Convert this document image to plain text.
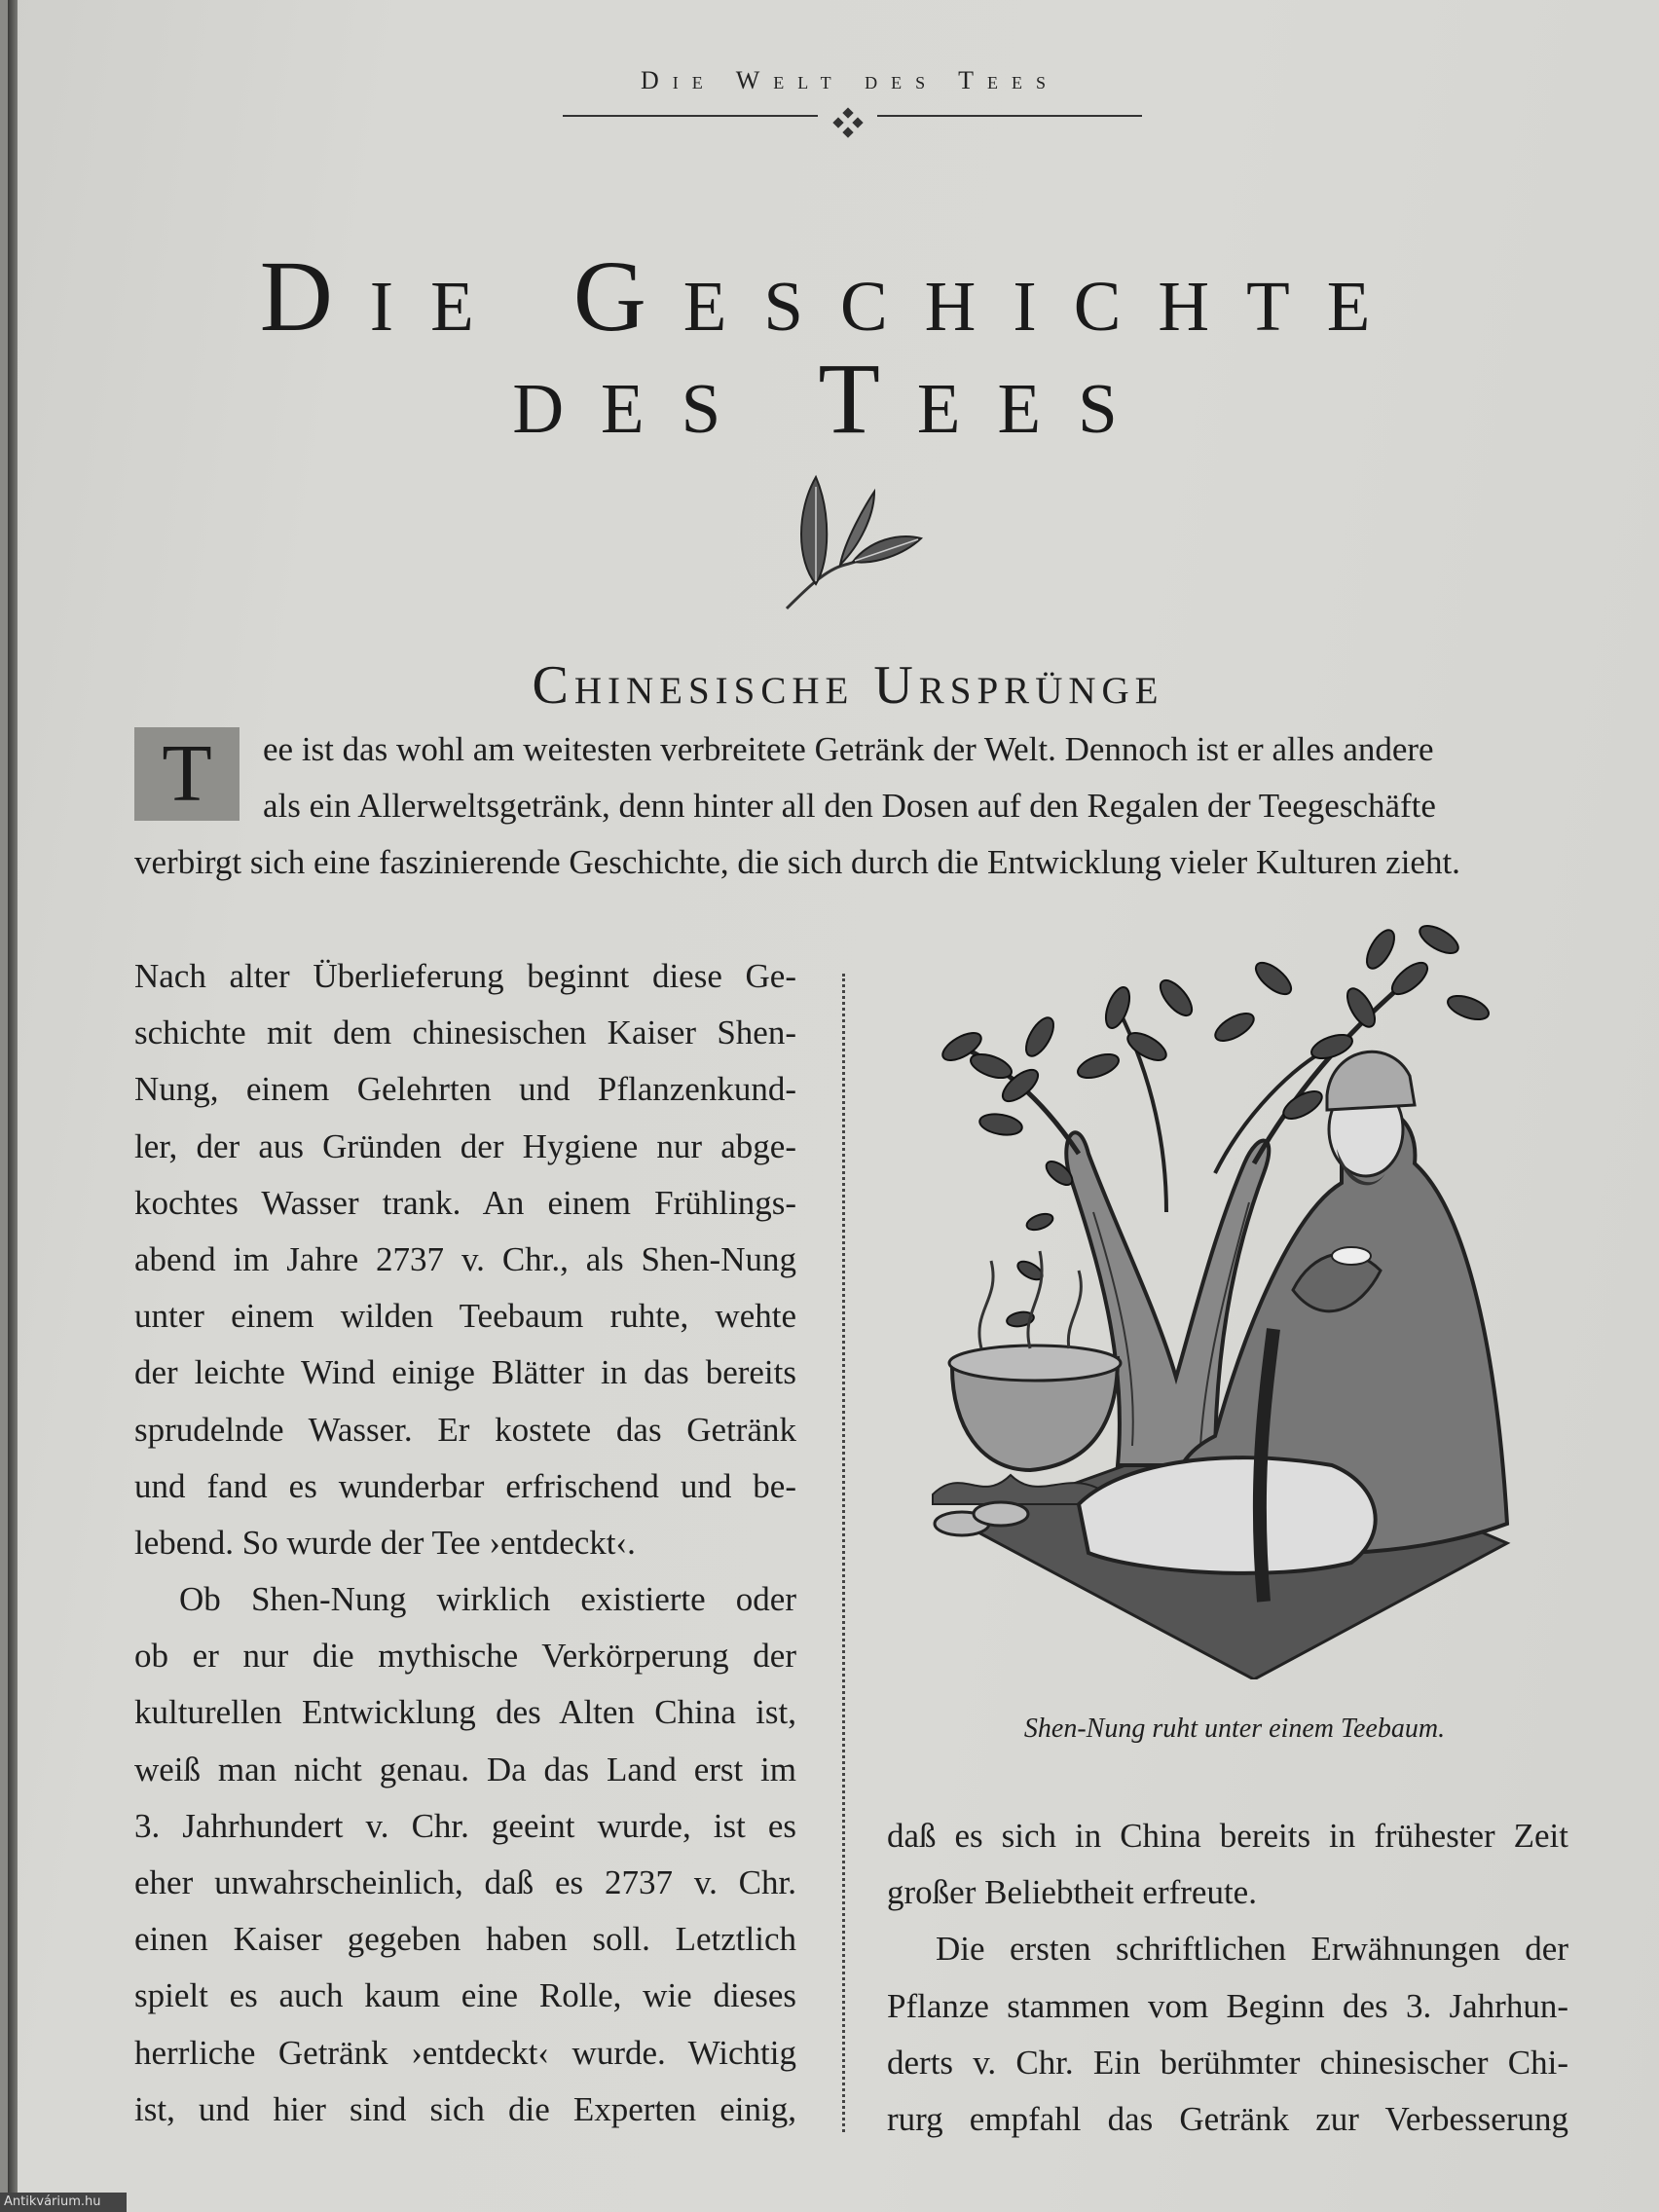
Die Welt des Tees
Die Geschichte
des Tees
Chinesische Ursprünge
T	ee ist das wohl am weitesten verbreitete Getränk der Welt. Dennoch ist er alles andere
als ein Allerweltsgetränk, denn hinter all den Dosen auf den Regalen der Teegeschäfte
verbirgt sich eine faszinierende Geschichte, die sich durch die Entwicklung vieler Kulturen zieht.
Nach alter Überlieferung beginnt diese Ge-
schichte mit dem chinesischen Kaiser Shen-
Nung, einem Gelehrten und Pflanzenkund-
ler, der aus Gründen der Hygiene nur abge-
kochtes Wasser trank. An einem Frühlings-
abend im Jahre 2737 v. Chr., als Shen-Nung
unter einem wilden Teebaum ruhte, wehte
der leichte Wind einige Blätter in das bereits
sprudelnde Wasser. Er kostete das Getränk
und fand es wunderbar erfrischend und be-
lebend. So wurde der Tee ›entdeckt‹.
Ob Shen-Nung wirklich existierte oder
ob er nur die mythische Verkörperung der
kulturellen Entwicklung des Alten China ist,
weiß man nicht genau. Da das Land erst im
3. Jahrhundert v. Chr. geeint wurde, ist es
eher unwahrscheinlich, daß es 2737 v. Chr.
einen Kaiser gegeben haben soll. Letztlich
spielt es auch kaum eine Rolle, wie dieses
herrliche Getränk ›entdeckt‹ wurde. Wichtig
ist, und hier sind sich die Experten einig,
Shen-Nung ruht unter einem Teebaum.
daß es sich in China bereits in frühester Zeit
großer Beliebtheit erfreute.
Die ersten schriftlichen Erwähnungen der
Pflanze stammen vom Beginn des 3. Jahrhun-
derts v. Chr. Ein berühmter chinesischer Chi-
rurg empfahl das Getränk zur Verbesserung
Antikvárium.hu
